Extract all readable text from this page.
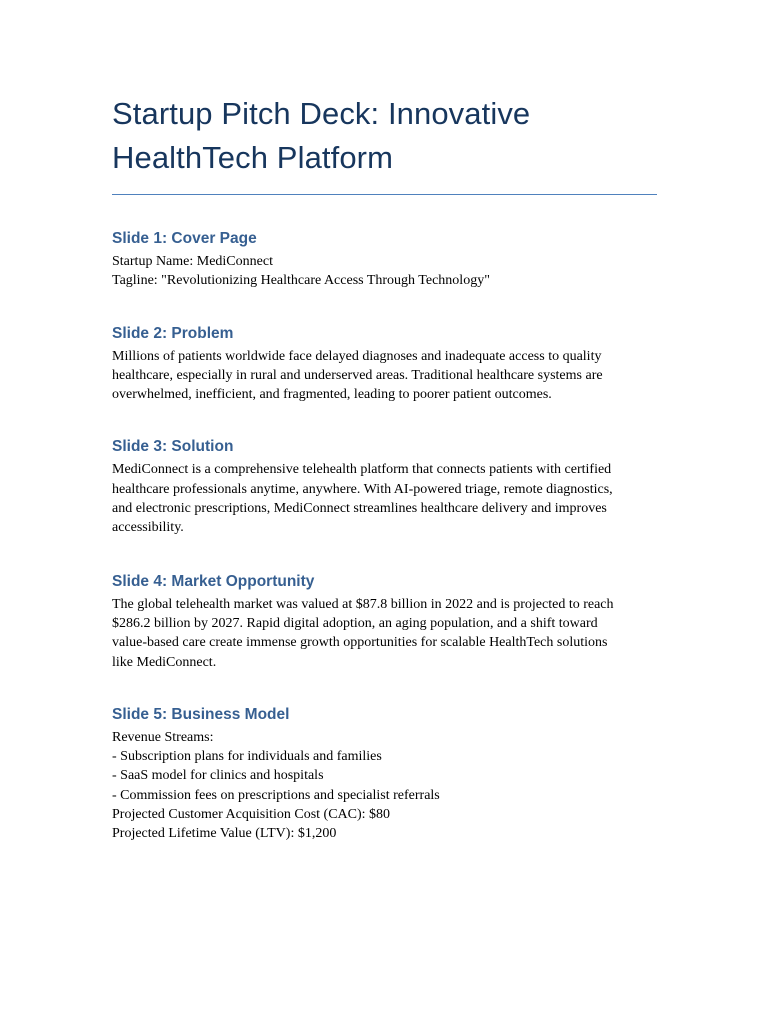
Startup Pitch Deck: Innovative HealthTech Platform
Slide 1: Cover Page
Startup Name: MediConnect
Tagline: "Revolutionizing Healthcare Access Through Technology"
Slide 2: Problem
Millions of patients worldwide face delayed diagnoses and inadequate access to quality
healthcare, especially in rural and underserved areas. Traditional healthcare systems are
overwhelmed, inefficient, and fragmented, leading to poorer patient outcomes.
Slide 3: Solution
MediConnect is a comprehensive telehealth platform that connects patients with certified
healthcare professionals anytime, anywhere. With AI-powered triage, remote diagnostics,
and electronic prescriptions, MediConnect streamlines healthcare delivery and improves
accessibility.
Slide 4: Market Opportunity
The global telehealth market was valued at $87.8 billion in 2022 and is projected to reach
$286.2 billion by 2027. Rapid digital adoption, an aging population, and a shift toward
value-based care create immense growth opportunities for scalable HealthTech solutions
like MediConnect.
Slide 5: Business Model
Revenue Streams:
- Subscription plans for individuals and families
- SaaS model for clinics and hospitals
- Commission fees on prescriptions and specialist referrals
Projected Customer Acquisition Cost (CAC): $80
Projected Lifetime Value (LTV): $1,200
